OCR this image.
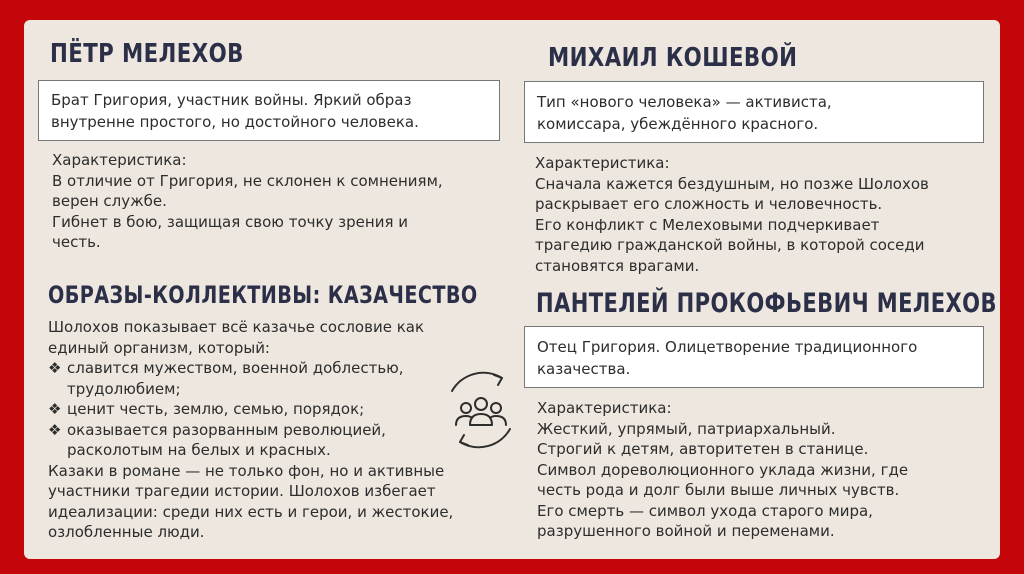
ПЁТР МЕЛЕХОВ
Брат Григория, участник войны. Яркий образ
внутренне простого, но достойного человека.
Характеристика:
В отличие от Григория, не склонен к сомнениям,
верен службе.
Гибнет в бою, защищая свою точку зрения и
честь.
МИХАИЛ КОШЕВОЙ
Тип «нового человека» — активиста,
комиссара, убеждённого красного.
Характеристика:
Сначала кажется бездушным, но позже Шолохов
раскрывает его сложность и человечность.
Его конфликт с Мелеховыми подчеркивает
трагедию гражданской войны, в которой соседи
становятся врагами.
ОБРАЗЫ-КОЛЛЕКТИВЫ: КАЗАЧЕСТВО
Шолохов показывает всё казачье сословие как
единый организм, который:
❖ славится мужеством, военной доблестью,
трудолюбием;
❖ ценит честь, землю, семью, порядок;
❖ оказывается разорванным революцией,
расколотым на белых и красных.
Казаки в романе — не только фон, но и активные
участники трагедии истории. Шолохов избегает
идеализации: среди них есть и герои, и жестокие,
озлобленные люди.
ПАНТЕЛЕЙ ПРОКОФЬЕВИЧ МЕЛЕХОВ
Отец Григория. Олицетворение традиционного
казачества.
Характеристика:
Жесткий, упрямый, патриархальный.
Строгий к детям, авторитетен в станице.
Символ дореволюционного уклада жизни, где
честь рода и долг были выше личных чувств.
Его смерть — символ ухода старого мира,
разрушенного войной и переменами.
